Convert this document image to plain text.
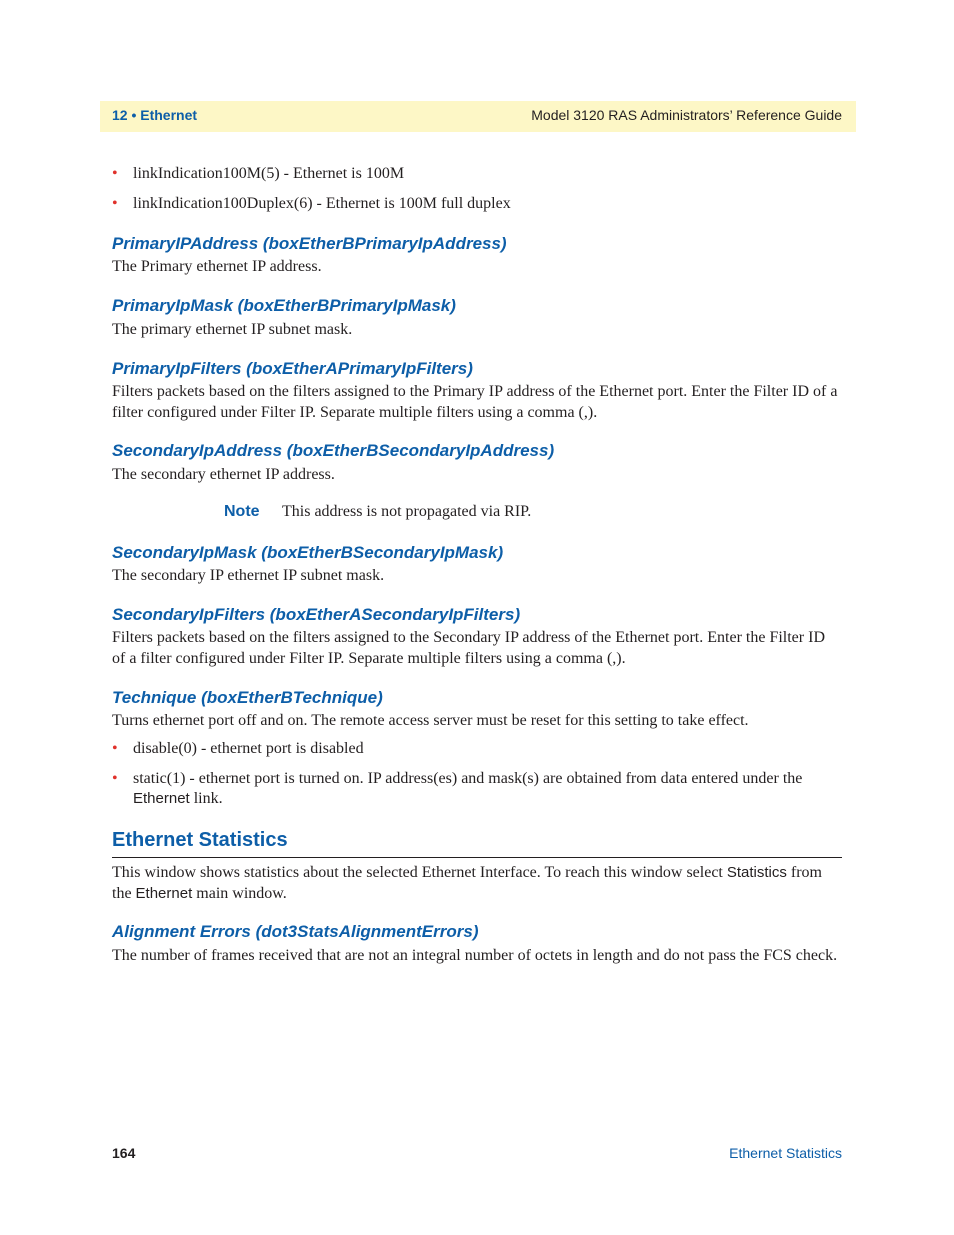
12 • Ethernet	Model 3120 RAS Administrators’ Reference Guide
• linkIndication100M(5) - Ethernet is 100M
• linkIndication100Duplex(6) - Ethernet is 100M full duplex
PrimaryIPAddress (boxEtherBPrimaryIpAddress)
The Primary ethernet IP address.
PrimaryIpMask (boxEtherBPrimaryIpMask)
The primary ethernet IP subnet mask.
PrimaryIpFilters (boxEtherAPrimaryIpFilters)
Filters packets based on the filters assigned to the Primary IP address of the Ethernet port. Enter the Filter ID of a filter configured under Filter IP. Separate multiple filters using a comma (,).
SecondaryIpAddress (boxEtherBSecondaryIpAddress)
The secondary ethernet IP address.
Note This address is not propagated via RIP.
SecondaryIpMask (boxEtherBSecondaryIpMask)
The secondary IP ethernet IP subnet mask.
SecondaryIpFilters (boxEtherASecondaryIpFilters)
Filters packets based on the filters assigned to the Secondary IP address of the Ethernet port. Enter the Filter ID of a filter configured under Filter IP. Separate multiple filters using a comma (,).
Technique (boxEtherBTechnique)
Turns ethernet port off and on. The remote access server must be reset for this setting to take effect.
• disable(0) - ethernet port is disabled
• static(1) - ethernet port is turned on. IP address(es) and mask(s) are obtained from data entered under the Ethernet link.
Ethernet Statistics
This window shows statistics about the selected Ethernet Interface. To reach this window select Statistics from the Ethernet main window.
Alignment Errors (dot3StatsAlignmentErrors)
The number of frames received that are not an integral number of octets in length and do not pass the FCS check.
164	Ethernet Statistics
